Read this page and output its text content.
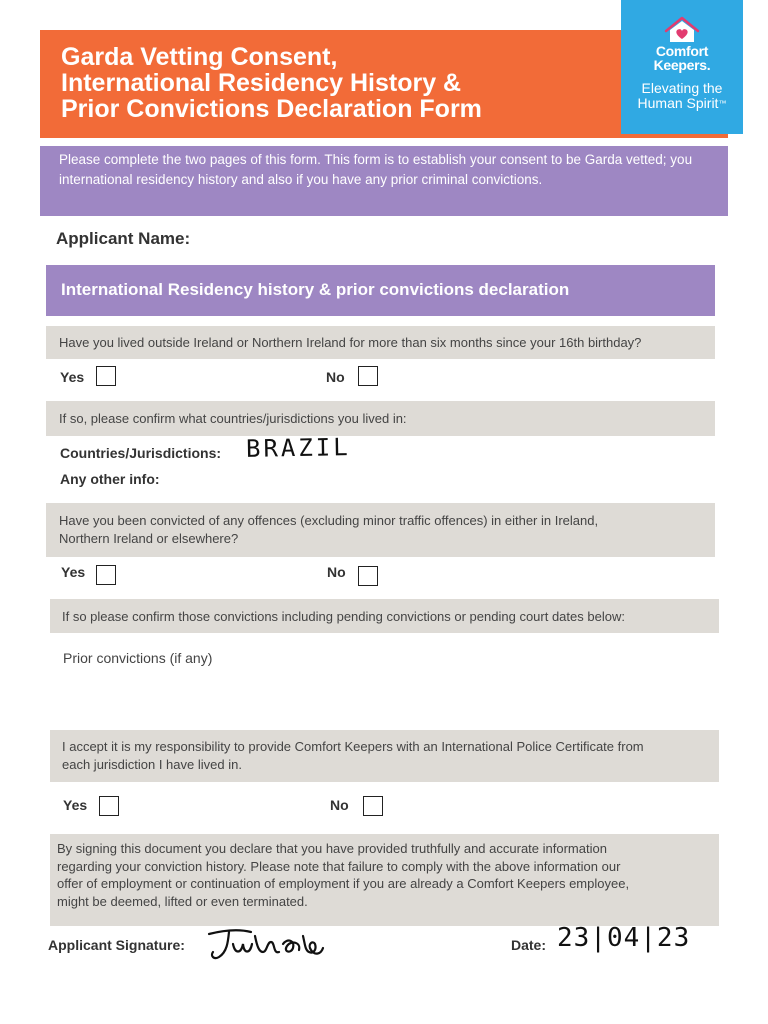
Garda Vetting Consent,
International Residency History &
Prior Convictions Declaration Form
Comfort
Keepers.
Elevating the
Human Spirit™
Please complete the two pages of this form. This form is to establish your consent to be Garda vetted; you international residency history and also if you have any prior criminal convictions.
Applicant Name:
International Residency history & prior convictions declaration
Have you lived outside Ireland or Northern Ireland for more than six months since your 16th birthday?
Yes	No
If so, please confirm what countries/jurisdictions you lived in:
Countries/Jurisdictions: BRAZIL
Any other info:
Have you been convicted of any offences (excluding minor traffic offences) in either in Ireland,
Northern Ireland or elsewhere?
Yes	No
If so please confirm those convictions including pending convictions or pending court dates below:
Prior convictions (if any)
I accept it is my responsibility to provide Comfort Keepers with an International Police Certificate from
each jurisdiction I have lived in.
Yes	No
By signing this document you declare that you have provided truthfully and accurate information
regarding your conviction history. Please note that failure to comply with the above information our
offer of employment or continuation of employment if you are already a Comfort Keepers employee,
might be deemed, lifted or even terminated.
Applicant Signature:	Date: 23|04|23
